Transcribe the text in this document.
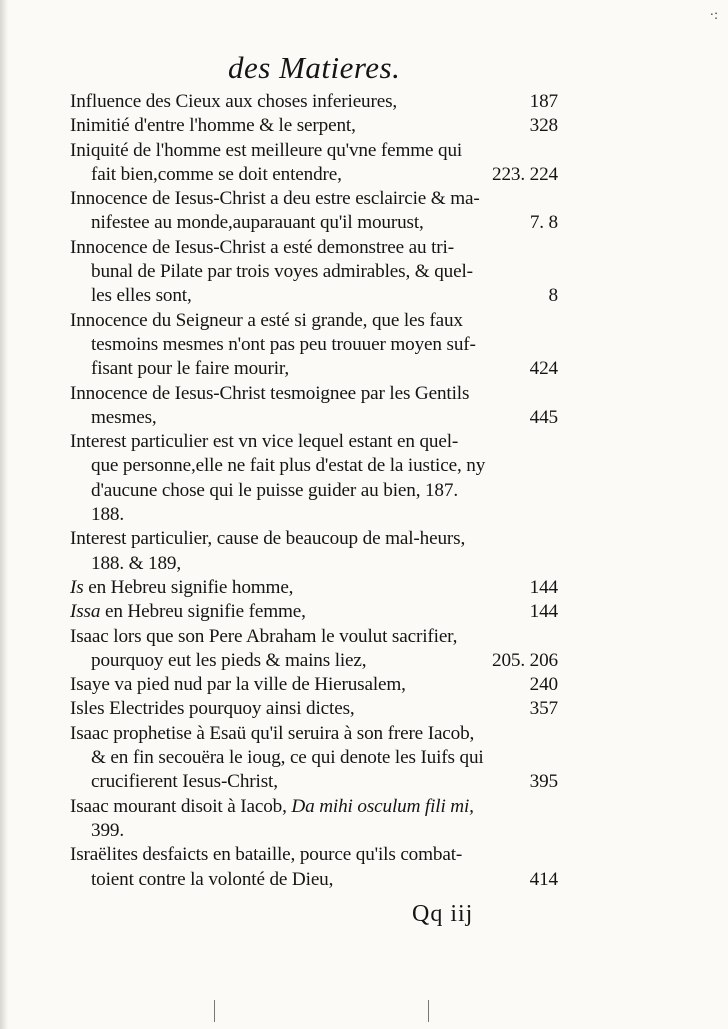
·:
des Matieres.
Influence des Cieux aux choses inferieures,	187
Inimitié d'entre l'homme & le serpent,	328
Iniquité de l'homme est meilleure qu'vne femme qui
fait bien,comme se doit entendre,	223. 224
Innocence de Iesus-Christ a deu estre esclaircie & ma-
nifestee au monde,auparauant qu'il mourust,	7. 8
Innocence de Iesus-Christ a esté demonstree au tri-
bunal de Pilate par trois voyes admirables, & quel-
les elles sont,	8
Innocence du Seigneur a esté si grande, que les faux
tesmoins mesmes n'ont pas peu trouuer moyen suf-
fisant pour le faire mourir,	424
Innocence de Iesus-Christ tesmoignee par les Gentils
mesmes,	445
Interest particulier est vn vice lequel estant en quel-
que personne,elle ne fait plus d'estat de la iustice, ny
d'aucune chose qui le puisse guider au bien, 187.
188.
Interest particulier, cause de beaucoup de mal-heurs,
188. & 189,
Is en Hebreu signifie homme,	144
Issa en Hebreu signifie femme,	144
Isaac lors que son Pere Abraham le voulut sacrifier,
pourquoy eut les pieds & mains liez,	205. 206
Isaye va pied nud par la ville de Hierusalem,	240
Isles Electrides pourquoy ainsi dictes,	357
Isaac prophetise à Esaü qu'il seruira à son frere Iacob,
& en fin secouëra le ioug, ce qui denote les Iuifs qui
crucifierent Iesus-Christ,	395
Isaac mourant disoit à Iacob, Da mihi osculum fili mi,
399.
Israëlites desfaicts en bataille, pource qu'ils combat-
toient contre la volonté de Dieu,	414
Qq iij
